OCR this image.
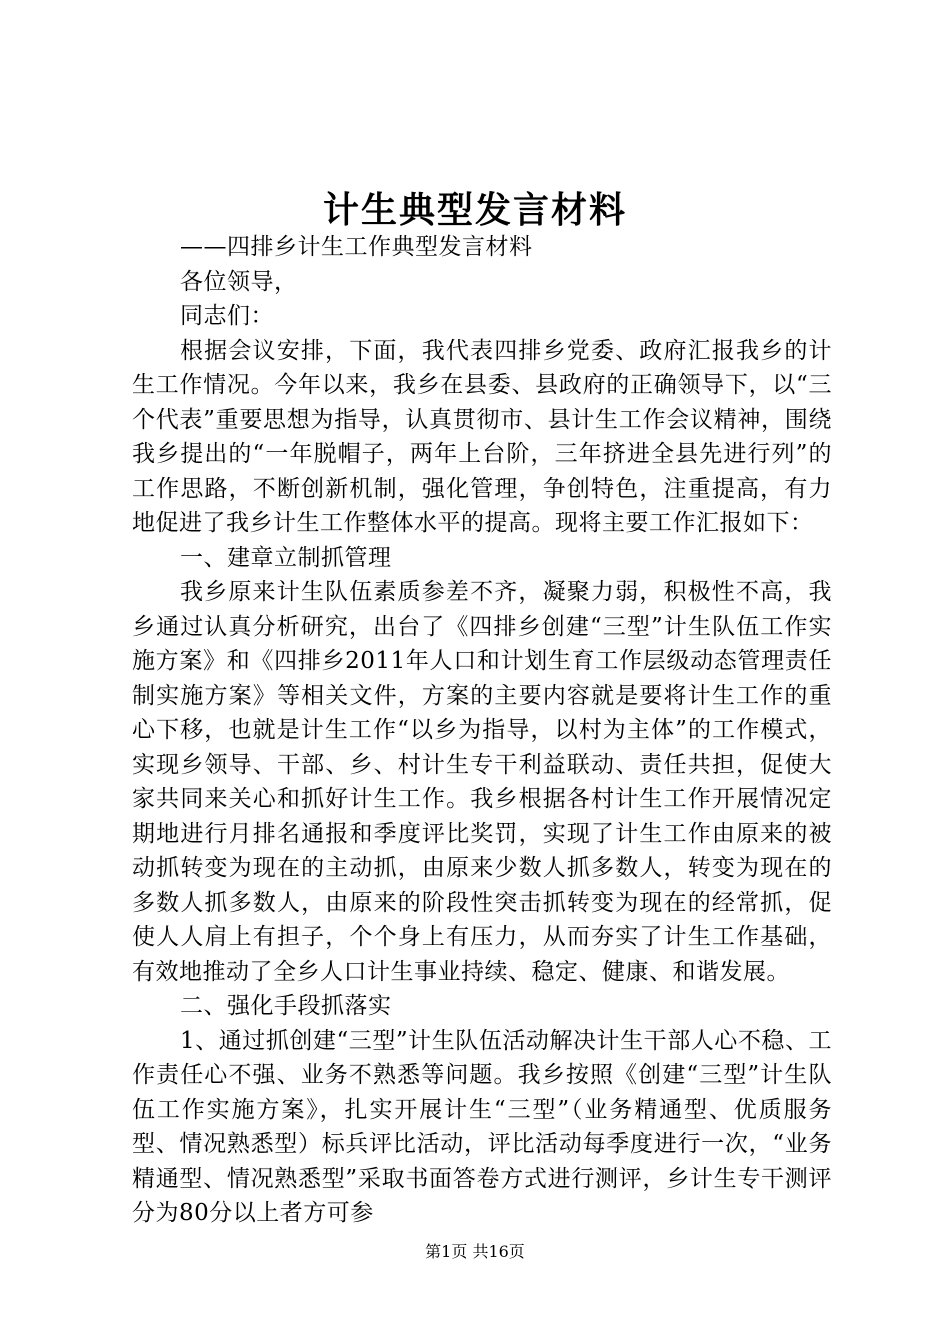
计生典型发言材料

——四排乡计生工作典型发言材料

各位领导，

同志们：

根据会议安排，下面，我代表四排乡党委、政府汇报我乡的计生工作情况。今年以来，我乡在县委、县政府的正确领导下，以“三个代表”重要思想为指导，认真贯彻市、县计生工作会议精神，围绕我乡提出的“一年脱帽子，两年上台阶，三年挤进全县先进行列”的工作思路，不断创新机制，强化管理，争创特色，注重提高，有力地促进了我乡计生工作整体水平的提高。现将主要工作汇报如下：

一、建章立制抓管理

我乡原来计生队伍素质参差不齐，凝聚力弱，积极性不高，我乡通过认真分析研究，出台了《四排乡创建“三型”计生队伍工作实施方案》和《四排乡2011年人口和计划生育工作层级动态管理责任制实施方案》等相关文件，方案的主要内容就是要将计生工作的重心下移，也就是计生工作“以乡为指导，以村为主体”的工作模式，实现乡领导、干部、乡、村计生专干利益联动、责任共担，促使大家共同来关心和抓好计生工作。我乡根据各村计生工作开展情况定期地进行月排名通报和季度评比奖罚，实现了计生工作由原来的被动抓转变为现在的主动抓，由原来少数人抓多数人，转变为现在的多数人抓多数人，由原来的阶段性突击抓转变为现在的经常抓，促使人人肩上有担子，个个身上有压力，从而夯实了计生工作基础，有效地推动了全乡人口计生事业持续、稳定、健康、和谐发展。

二、强化手段抓落实

1、通过抓创建“三型”计生队伍活动解决计生干部人心不稳、工作责任心不强、业务不熟悉等问题。我乡按照《创建“三型”计生队伍工作实施方案》，扎实开展计生“三型”（业务精通型、优质服务型、情况熟悉型）标兵评比活动，评比活动每季度进行一次，“业务精通型、情况熟悉型”采取书面答卷方式进行测评，乡计生专干测评分为80分以上者方可参

第1页 共16页
